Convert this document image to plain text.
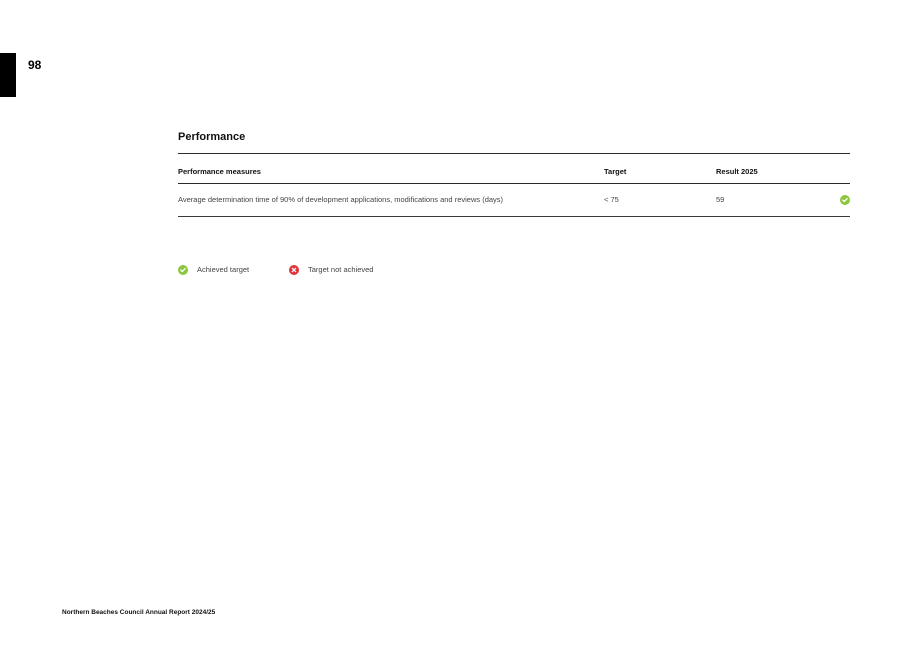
98
Performance
Performance measures	Target	Result 2025
Average determination time of 90% of development applications, modifications and reviews (days)	< 75	59
Achieved target	Target not achieved
Northern Beaches Council Annual Report 2024/25
